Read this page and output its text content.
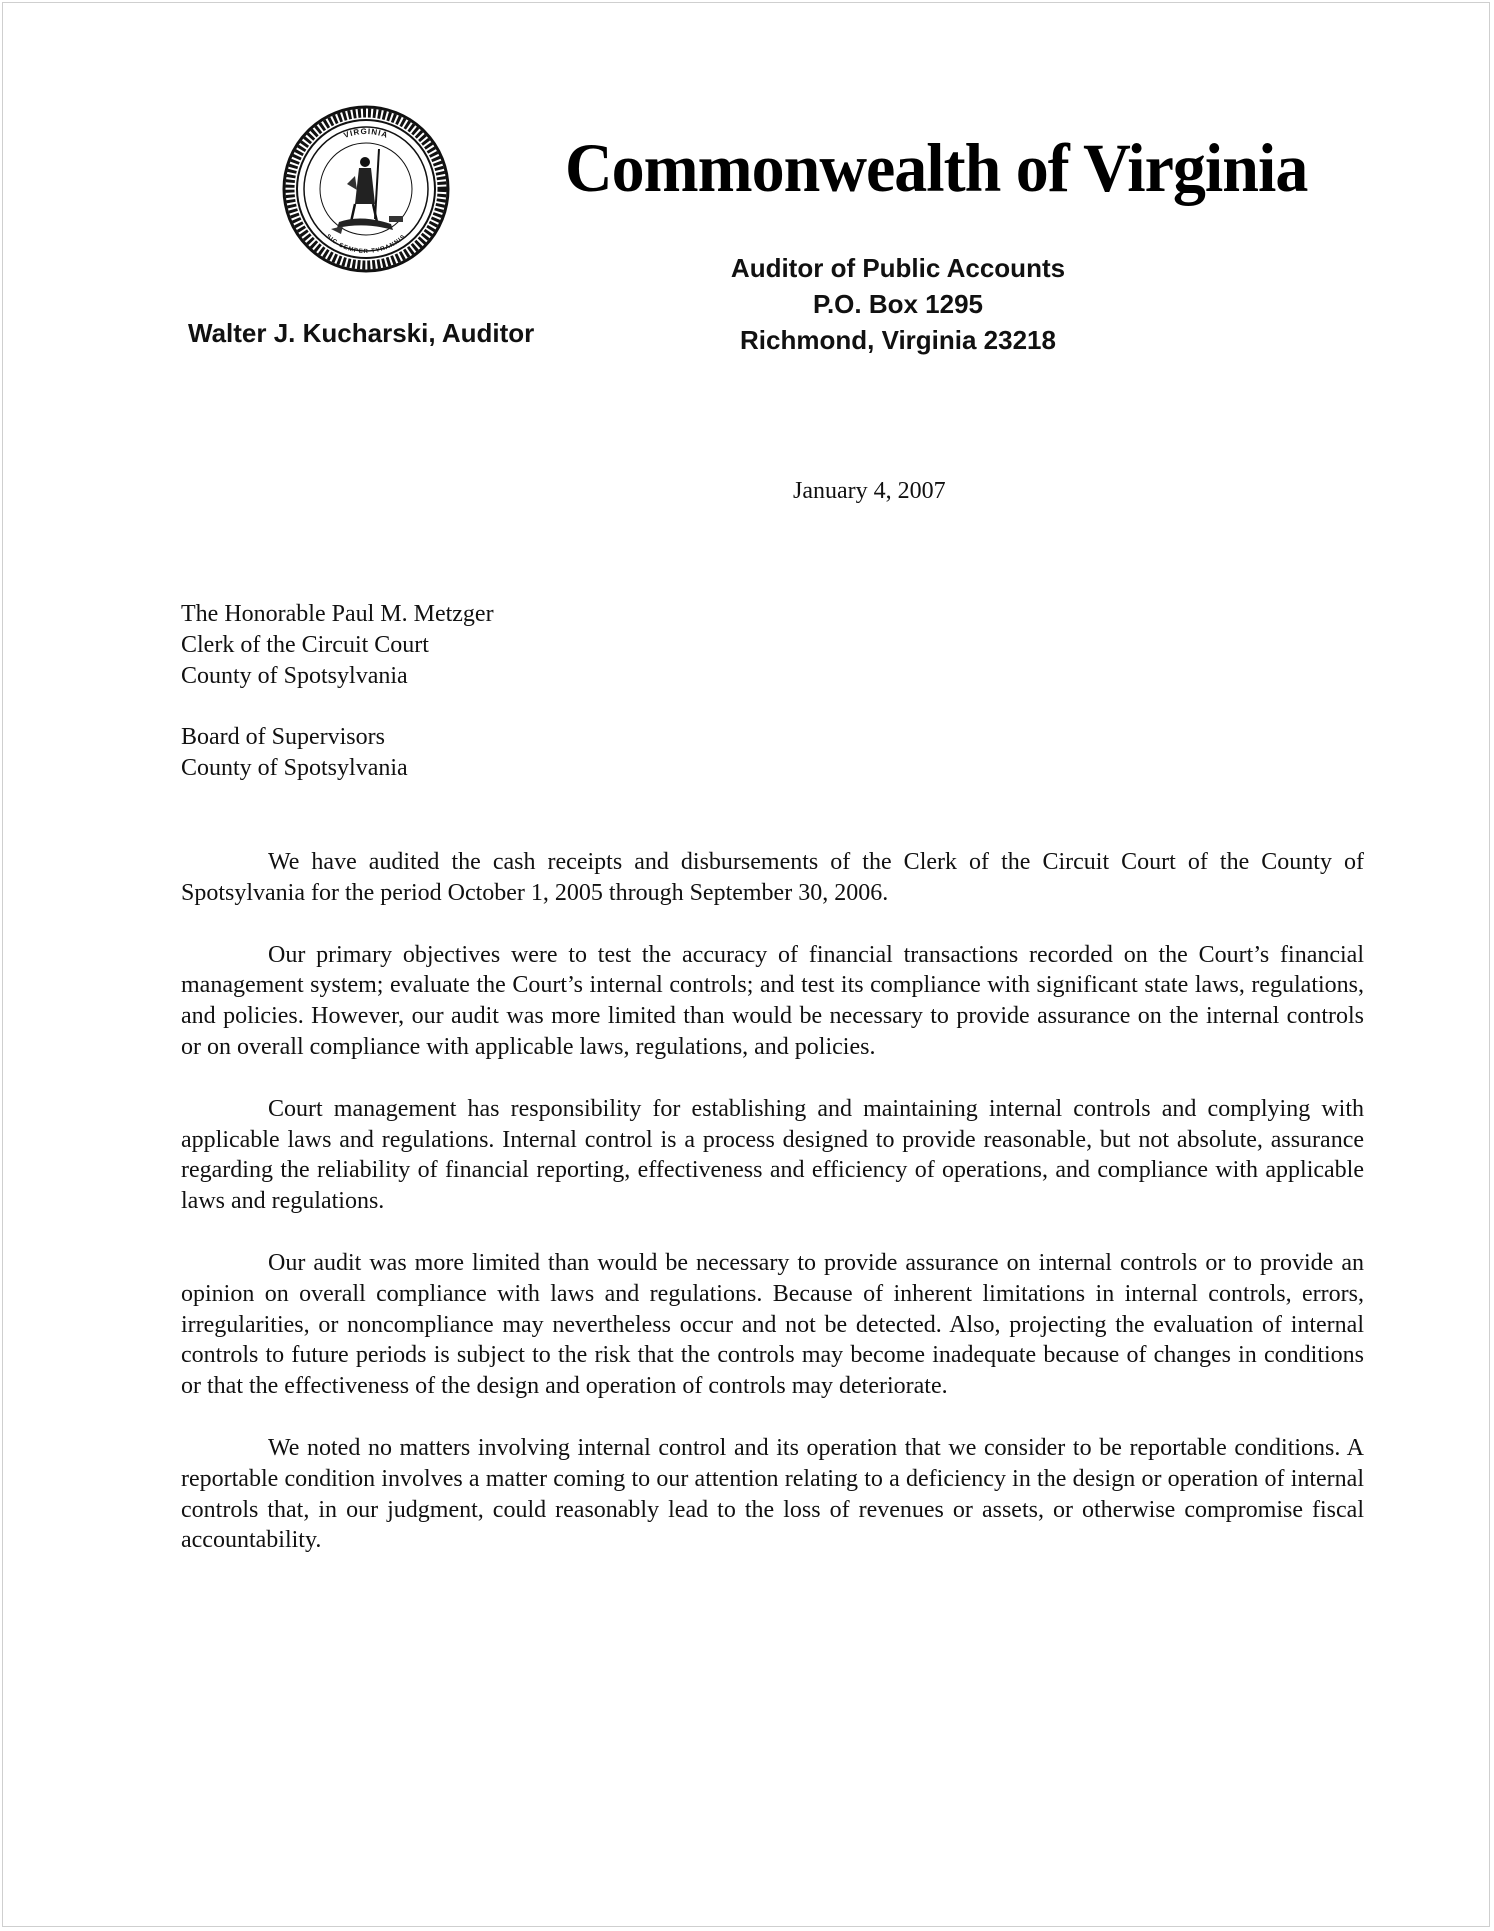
VIRGINIA
SIC SEMPER TYRANNIS
Commonwealth of Virginia
Auditor of Public Accounts
P.O. Box 1295
Richmond, Virginia 23218
Walter J. Kucharski, Auditor
January 4, 2007
The Honorable Paul M. Metzger
Clerk of the Circuit Court
County of Spotsylvania
Board of Supervisors
County of Spotsylvania

We have audited the cash receipts and disbursements of the Clerk of the Circuit Court of the County of Spotsylvania for the period October 1, 2005 through September 30, 2006.

Our primary objectives were to test the accuracy of financial transactions recorded on the Court’s financial management system; evaluate the Court’s internal controls; and test its compliance with significant state laws, regulations, and policies. However, our audit was more limited than would be necessary to provide assurance on the internal controls or on overall compliance with applicable laws, regulations, and policies.

Court management has responsibility for establishing and maintaining internal controls and complying with applicable laws and regulations. Internal control is a process designed to provide reasonable, but not absolute, assurance regarding the reliability of financial reporting, effectiveness and efficiency of operations, and compliance with applicable laws and regulations.

Our audit was more limited than would be necessary to provide assurance on internal controls or to provide an opinion on overall compliance with laws and regulations. Because of inherent limitations in internal controls, errors, irregularities, or noncompliance may nevertheless occur and not be detected. Also, projecting the evaluation of internal controls to future periods is subject to the risk that the controls may become inadequate because of changes in conditions or that the effectiveness of the design and operation of controls may deteriorate.

We noted no matters involving internal control and its operation that we consider to be reportable conditions. A reportable condition involves a matter coming to our attention relating to a deficiency in the design or operation of internal controls that, in our judgment, could reasonably lead to the loss of revenues or assets, or otherwise compromise fiscal accountability.
